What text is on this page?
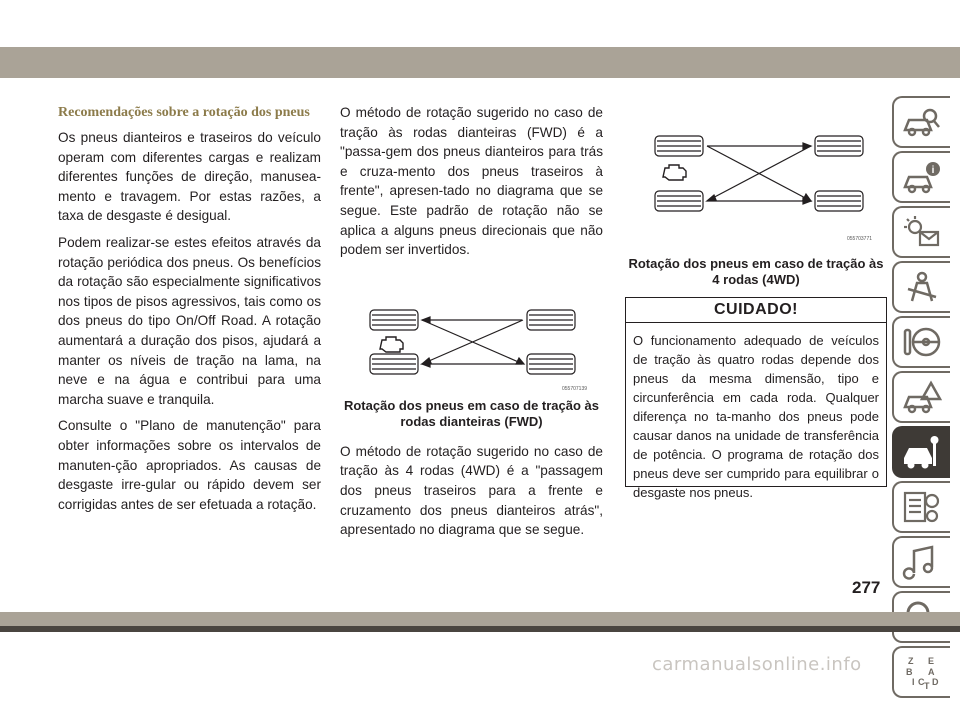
Recomendações sobre a rotação dos pneus

Os pneus dianteiros e traseiros do veículo operam com diferentes cargas e realizam diferentes funções de direção, manusea-mento e travagem. Por estas razões, a taxa de desgaste é desigual.

Podem realizar-se estes efeitos através da rotação periódica dos pneus. Os benefícios da rotação são especialmente significativos nos tipos de pisos agressivos, tais como os dos pneus do tipo On/Off Road. A rotação aumentará a duração dos pisos, ajudará a manter os níveis de tração na lama, na neve e na água e contribui para uma marcha suave e tranquila.

Consulte o "Plano de manutenção" para obter informações sobre os intervalos de manuten-ção apropriados. As causas de desgaste irre-gular ou rápido devem ser corrigidas antes de ser efetuada a rotação.

O método de rotação sugerido no caso de tração às rodas dianteiras (FWD) é a "passa-gem dos pneus dianteiros para trás e cruza-mento dos pneus traseiros à frente", apresen-tado no diagrama que se segue. Este padrão de rotação não se aplica a alguns pneus direcionais que não podem ser invertidos.

055707139
Rotação dos pneus em caso de tração às rodas dianteiras (FWD)

O método de rotação sugerido no caso de tração às 4 rodas (4WD) é a "passagem dos pneus traseiros para a frente e cruzamento dos pneus dianteiros atrás", apresentado no diagrama que se segue.

055703771
Rotação dos pneus em caso de tração às 4 rodas (4WD)
CUIDADO!
O funcionamento adequado de veículos de tração às quatro rodas depende dos pneus da mesma dimensão, tipo e circunferência em cada roda. Qualquer diferença no ta-manho dos pneus pode causar danos na unidade de transferência de potência. O programa de rotação dos pneus deve ser cumprido para equilibrar o desgaste nos pneus.
i
Z E
B A
D
I C T
277
carmanualsonline.info
